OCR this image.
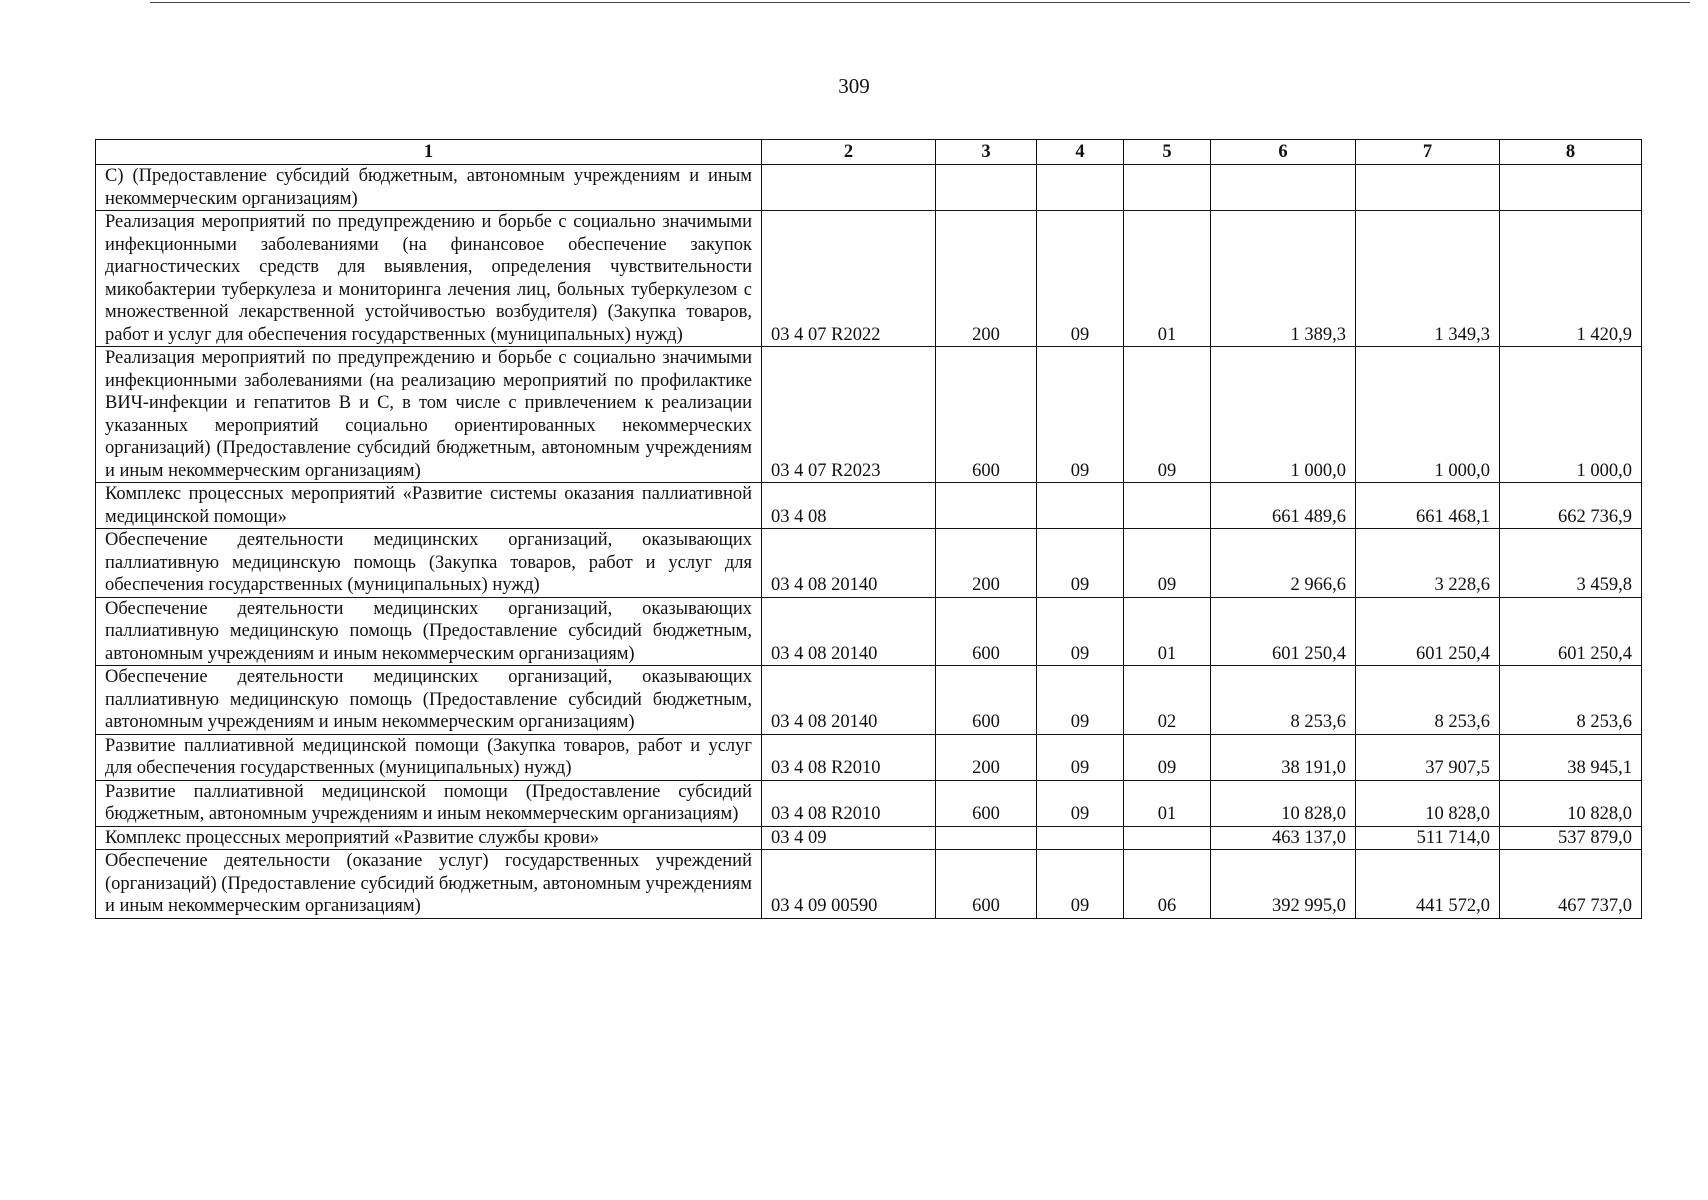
309
1	2	3	4	5	6	7	8
С) (Предоставление субсидий бюджетным, автономным учреждениям и иным некоммерческим организациям)							
Реализация мероприятий по предупреждению и борьбе с социально значимыми инфекционными заболеваниями (на финансовое обеспечение закупок диагностических средств для выявления, определения чувствительности микобактерии туберкулеза и мониторинга лечения лиц, больных туберкулезом с множественной лекарственной устойчивостью возбудителя) (Закупка товаров, работ и услуг для обеспечения государственных (муниципальных) нужд)	03 4 07 R2022	200	09	01	1 389,3	1 349,3	1 420,9
Реализация мероприятий по предупреждению и борьбе с социально значимыми инфекционными заболеваниями (на реализацию мероприятий по профилактике ВИЧ-инфекции и гепатитов В и С, в том числе с привлечением к реализации указанных мероприятий социально ориентированных некоммерческих организаций) (Предоставление субсидий бюджетным, автономным учреждениям и иным некоммерческим организациям)	03 4 07 R2023	600	09	09	1 000,0	1 000,0	1 000,0
Комплекс процессных мероприятий «Развитие системы оказания паллиативной медицинской помощи»	03 4 08				661 489,6	661 468,1	662 736,9
Обеспечение деятельности медицинских организаций, оказывающих паллиативную медицинскую помощь (Закупка товаров, работ и услуг для обеспечения государственных (муниципальных) нужд)	03 4 08 20140	200	09	09	2 966,6	3 228,6	3 459,8
Обеспечение деятельности медицинских организаций, оказывающих паллиативную медицинскую помощь (Предоставление субсидий бюджетным, автономным учреждениям и иным некоммерческим организациям)	03 4 08 20140	600	09	01	601 250,4	601 250,4	601 250,4
Обеспечение деятельности медицинских организаций, оказывающих паллиативную медицинскую помощь (Предоставление субсидий бюджетным, автономным учреждениям и иным некоммерческим организациям)	03 4 08 20140	600	09	02	8 253,6	8 253,6	8 253,6
Развитие паллиативной медицинской помощи (Закупка товаров, работ и услуг для обеспечения государственных (муниципальных) нужд)	03 4 08 R2010	200	09	09	38 191,0	37 907,5	38 945,1
Развитие паллиативной медицинской помощи (Предоставление субсидий бюджетным, автономным учреждениям и иным некоммерческим организациям)	03 4 08 R2010	600	09	01	10 828,0	10 828,0	10 828,0
Комплекс процессных мероприятий «Развитие службы крови»	03 4 09				463 137,0	511 714,0	537 879,0
Обеспечение деятельности (оказание услуг) государственных учреждений (организаций) (Предоставление субсидий бюджетным, автономным учреждениям и иным некоммерческим организациям)	03 4 09 00590	600	09	06	392 995,0	441 572,0	467 737,0
